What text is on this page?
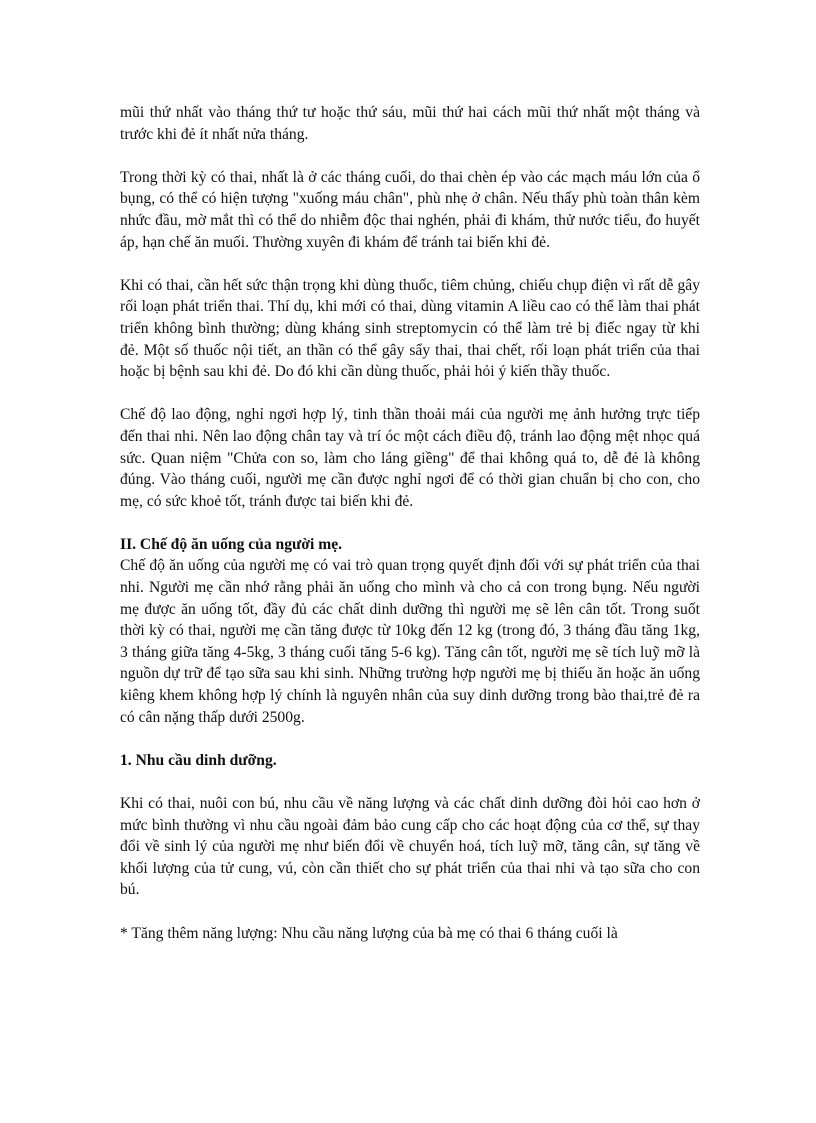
mũi thứ nhất vào tháng thứ tư hoặc thứ sáu, mũi thứ hai cách mũi thứ nhất một tháng và trước khi đẻ ít nhất nửa tháng.

Trong thời kỳ có thai, nhất là ở các tháng cuối, do thai chèn ép vào các mạch máu lớn của ổ bụng, có thể có hiện tượng "xuống máu chân", phù nhẹ ở chân. Nếu thấy phù toàn thân kèm nhức đầu, mờ mắt thì có thể do nhiễm độc thai nghén, phải đi khám, thử nước tiểu, đo huyết áp, hạn chế ăn muối. Thường xuyên đi khám để tránh tai biến khi đẻ.

Khi có thai, cần hết sức thận trọng khi dùng thuốc, tiêm chủng, chiếu chụp điện vì rất dễ gây rối loạn phát triển thai. Thí dụ, khi mới có thai, dùng vitamin A liều cao có thể làm thai phát triển không bình thường; dùng kháng sinh streptomycin có thể làm trẻ bị điếc ngay từ khi đẻ. Một số thuốc nội tiết, an thần có thể gây sẩy thai, thai chết, rối loạn phát triển của thai hoặc bị bệnh sau khi đẻ. Do đó khi cần dùng thuốc, phải hỏi ý kiến thầy thuốc.

Chế độ lao động, nghỉ ngơi hợp lý, tinh thần thoải mái của người mẹ ảnh hưởng trực tiếp đến thai nhi. Nên lao động chân tay và trí óc một cách điều độ, tránh lao động mệt nhọc quá sức. Quan niệm "Chửa con so, làm cho láng giềng" để thai không quá to, dễ đẻ là không đúng. Vào tháng cuối, người mẹ cần được nghỉ ngơi để có thời gian chuẩn bị cho con, cho mẹ, có sức khoẻ tốt, tránh được tai biến khi đẻ.

II. Chế độ ăn uống của người mẹ.

Chế độ ăn uống của người mẹ có vai trò quan trọng quyết định đối với sự phát triển của thai nhi. Người mẹ cần nhớ rằng phải ăn uống cho mình và cho cả con trong bụng. Nếu người mẹ được ăn uống tốt, đầy đủ các chất dinh dưỡng thì người mẹ sẽ lên cân tốt. Trong suốt thời kỳ có thai, người mẹ cần tăng được từ 10kg đến 12 kg (trong đó, 3 tháng đầu tăng 1kg, 3 tháng giữa tăng 4-5kg, 3 tháng cuối tăng 5-6 kg). Tăng cân tốt, người mẹ sẽ tích luỹ mỡ là nguồn dự trữ để tạo sữa sau khi sinh. Những trường hợp người mẹ bị thiếu ăn hoặc ăn uống kiêng khem không hợp lý chính là nguyên nhân của suy dinh dưỡng trong bào thai,trẻ đẻ ra có cân nặng thấp dưới 2500g.

1. Nhu cầu dinh dưỡng.

Khi có thai, nuôi con bú, nhu cầu về năng lượng và các chất dinh dưỡng đòi hỏi cao hơn ở mức bình thường vì nhu cầu ngoài đảm bảo cung cấp cho các hoạt động của cơ thể, sự thay đổi về sinh lý của người mẹ như biến đổi về chuyển hoá, tích luỹ mỡ, tăng cân, sự tăng về khối lượng của tử cung, vú, còn cần thiết cho sự phát triển của thai nhi và tạo sữa cho con bú.

* Tăng thêm năng lượng: Nhu cầu năng lượng của bà mẹ có thai 6 tháng cuối là
